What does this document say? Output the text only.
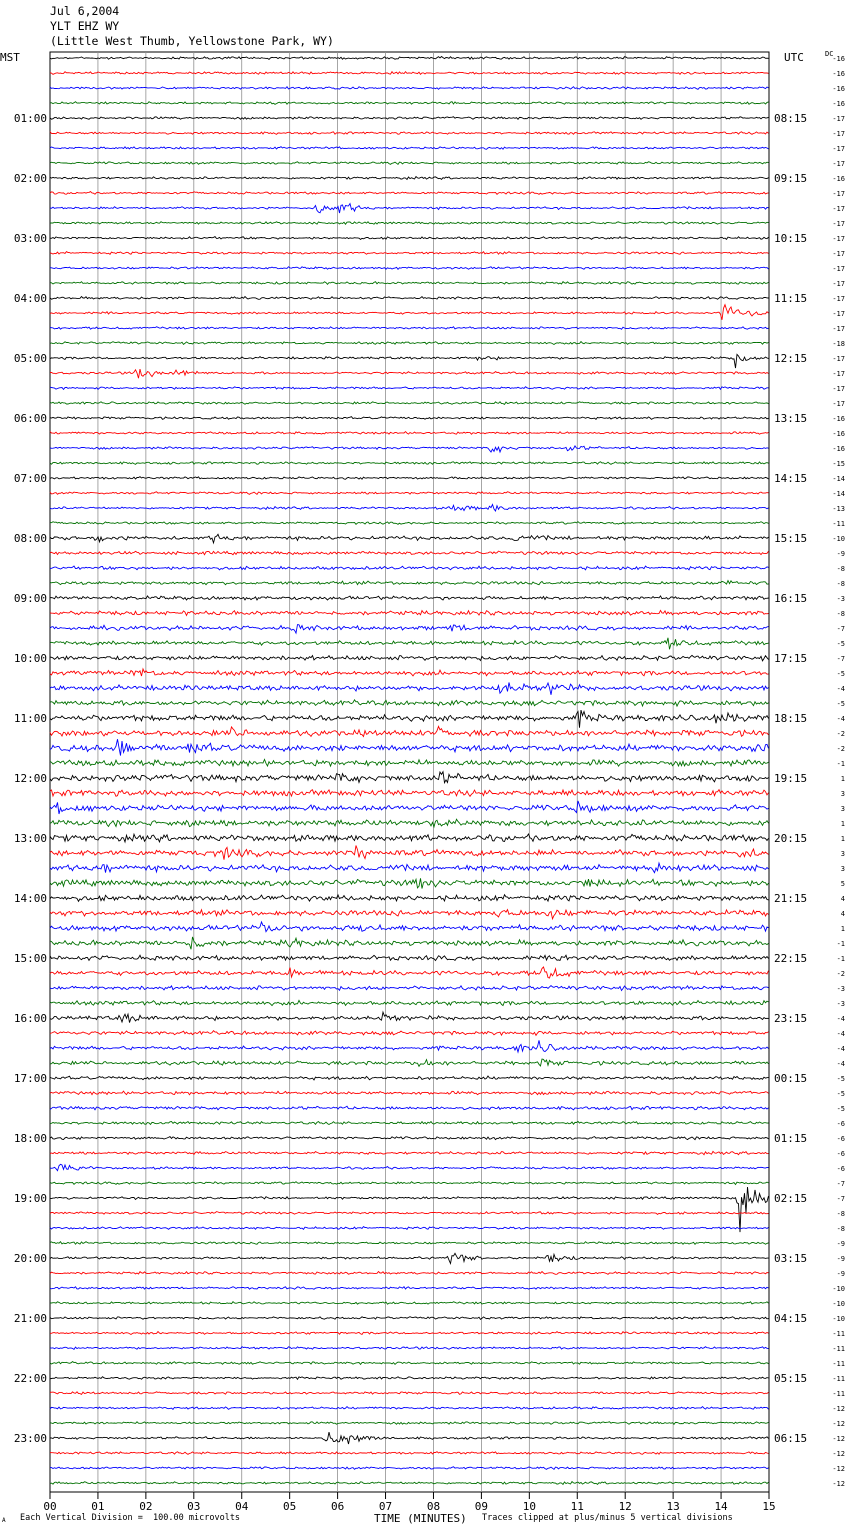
00	01	02	03	04	05	06	07	08	09	10	11	12	13	14	15
-16
-16
-16
-16
-17
-17
-17
-17
-16
-17
-17
-17
-17
-17
-17
-17
-17
-17
-17
-18
-17
-17
-17
-17
-16
-16
-16
-15
-14
-14
-13
-11
-10
-9
-8
-8
-3
-8
-7
-5
-7
-5
-4
-5
-4
-2
-2
-1
1
3
3
1
1
3
3
5
4
4
1
-1
-1
-2
-3
-3
-4
-4
-4
-4
-5
-5
-5
-6
-6
-6
-6
-7
-7
-8
-8
-9
-9
-9
-10
-10
-10
-11
-11
-11
-11
-11
-12
-12
-12
-12
-12
-12
01:00	08:15
02:00	09:15
03:00	10:15
04:00	11:15
05:00	12:15
06:00	13:15
07:00	14:15
08:00	15:15
09:00	16:15
10:00	17:15
11:00	18:15
12:00	19:15
13:00	20:15
14:00	21:15
15:00	22:15
16:00	23:15
17:00	00:15
18:00	01:15
19:00	02:15
20:00	03:15
21:00	04:15
22:00	05:15
23:00	06:15
Jul 6,2004
YLT EHZ WY
(Little West Thumb, Yellowstone Park, WY)
MST	UTC	DC
TIME (MINUTES)
A Each Vertical Division =  100.00 microvolts	Traces clipped at plus/minus 5 vertical divisions
